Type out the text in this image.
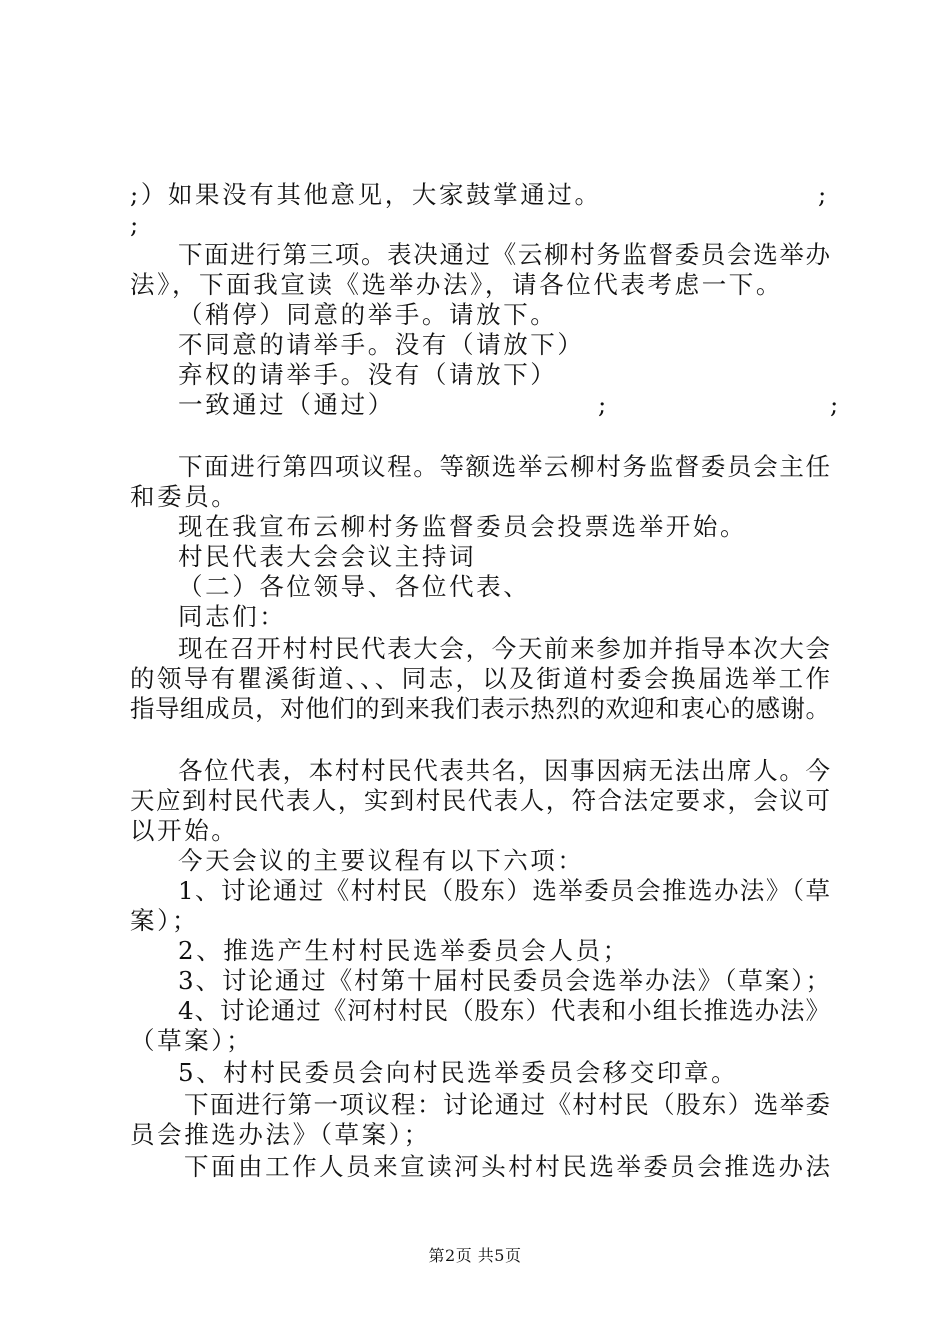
;）如果没有其他意见，大家鼓掌通过。	;
;
下面进行第三项。表决通过《云柳村务监督委员会选举办
法》，下面我宣读《选举办法》，请各位代表考虑一下。
（稍停）同意的举手。请放下。
不同意的请举手。没有（请放下）
弃权的请举手。没有（请放下）
一致通过（通过）	;	;
下面进行第四项议程。等额选举云柳村务监督委员会主任
和委员。
现在我宣布云柳村务监督委员会投票选举开始。
村民代表大会会议主持词
（二）各位领导、各位代表、
同志们：
现在召开村村民代表大会，今天前来参加并指导本次大会
的领导有瞿溪街道、、、同志，以及街道村委会换届选举工作
指导组成员，对他们的到来我们表示热烈的欢迎和衷心的感谢。
各位代表，本村村民代表共名，因事因病无法出席人。今
天应到村民代表人，实到村民代表人，符合法定要求，会议可
以开始。
今天会议的主要议程有以下六项：
1、讨论通过《村村民（股东）选举委员会推选办法》（草
案）；
2、推选产生村村民选举委员会人员；
3、讨论通过《村第十届村民委员会选举办法》（草案）；
4、讨论通过《河村村民（股东）代表和小组长推选办法》
（草案）；
5、村村民委员会向村民选举委员会移交印章。
下面进行第一项议程：讨论通过《村村民（股东）选举委
员会推选办法》（草案）；
下面由工作人员来宣读河头村村民选举委员会推选办法
第2页 共5页
